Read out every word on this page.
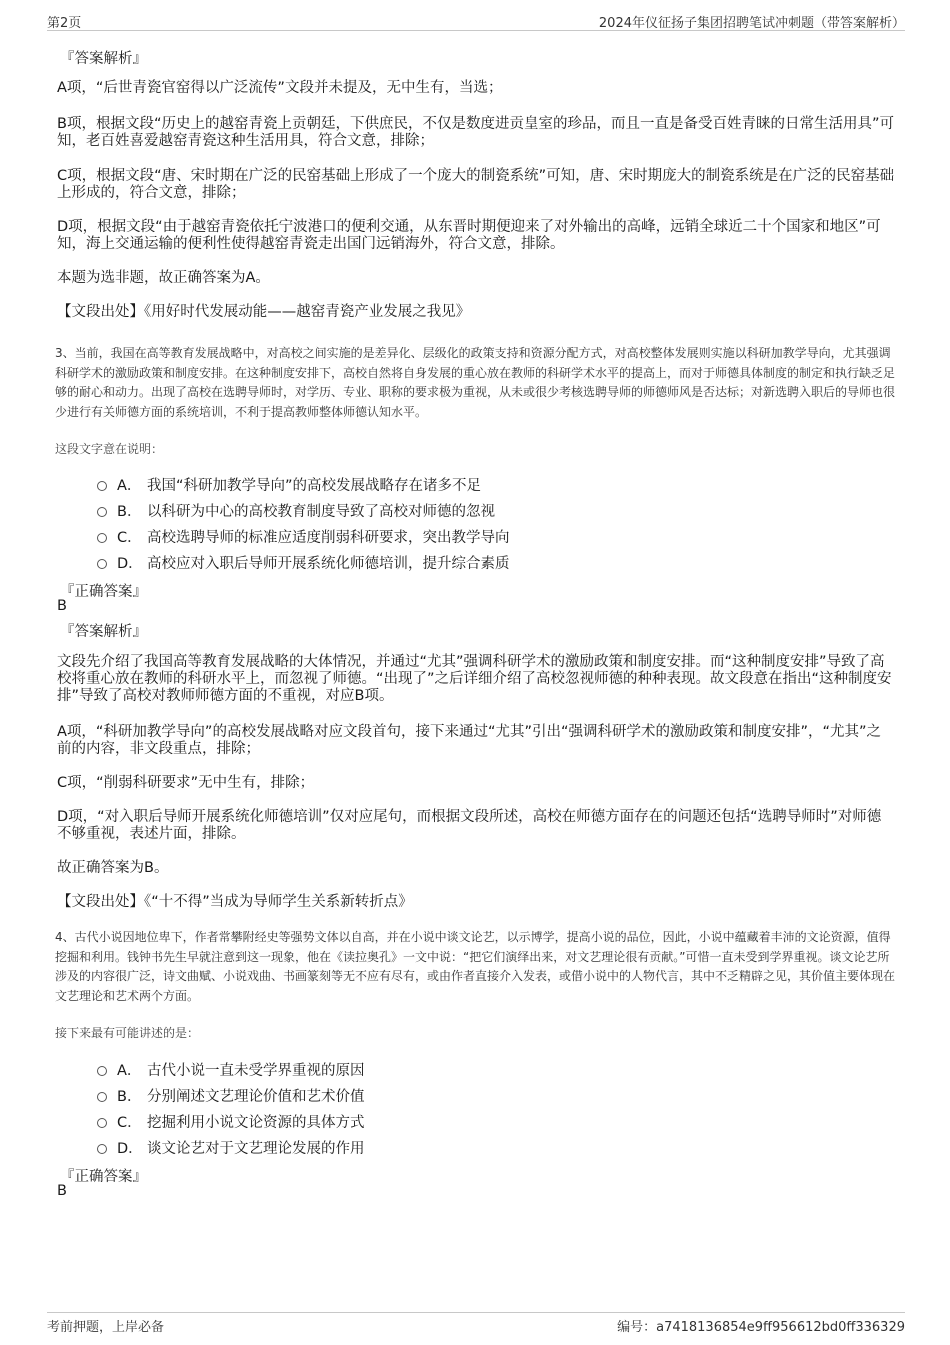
第2页	2024年仪征扬子集团招聘笔试冲刺题（带答案解析）
『答案解析』
A项，“后世青瓷官窑得以广泛流传”文段并未提及，无中生有，当选；
B项，根据文段“历史上的越窑青瓷上贡朝廷，下供庶民，不仅是数度进贡皇室的珍品，而且一直是备受百姓青睐的日常生活用具”可知，老百姓喜爱越窑青瓷这种生活用具，符合文意，排除；
C项，根据文段“唐、宋时期在广泛的民窑基础上形成了一个庞大的制瓷系统”可知，唐、宋时期庞大的制瓷系统是在广泛的民窑基础上形成的，符合文意，排除；
D项，根据文段“由于越窑青瓷依托宁波港口的便利交通，从东晋时期便迎来了对外输出的高峰，远销全球近二十个国家和地区”可知，海上交通运输的便利性使得越窑青瓷走出国门远销海外，符合文意，排除。
本题为选非题，故正确答案为A。
【文段出处】《用好时代发展动能——越窑青瓷产业发展之我见》
3、当前，我国在高等教育发展战略中，对高校之间实施的是差异化、层级化的政策支持和资源分配方式，对高校整体发展则实施以科研加教学导向，尤其强调科研学术的激励政策和制度安排。在这种制度安排下，高校自然将自身发展的重心放在教师的科研学术水平的提高上，而对于师德具体制度的制定和执行缺乏足够的耐心和动力。出现了高校在选聘导师时，对学历、专业、职称的要求极为重视，从未或很少考核选聘导师的师德师风是否达标；对新选聘入职后的导师也很少进行有关师德方面的系统培训，不利于提高教师整体师德认知水平。
这段文字意在说明：
A． 我国“科研加教学导向”的高校发展战略存在诸多不足
B． 以科研为中心的高校教育制度导致了高校对师德的忽视
C． 高校选聘导师的标准应适度削弱科研要求，突出教学导向
D． 高校应对入职后导师开展系统化师德培训，提升综合素质
『正确答案』
B
『答案解析』
文段先介绍了我国高等教育发展战略的大体情况，并通过“尤其”强调科研学术的激励政策和制度安排。而“这种制度安排”导致了高校将重心放在教师的科研水平上，而忽视了师德。“出现了”之后详细介绍了高校忽视师德的种种表现。故文段意在指出“这种制度安排”导致了高校对教师师德方面的不重视，对应B项。
A项，“科研加教学导向”的高校发展战略对应文段首句，接下来通过“尤其”引出“强调科研学术的激励政策和制度安排”，“尤其”之前的内容，非文段重点，排除；
C项，“削弱科研要求”无中生有，排除；
D项，“对入职后导师开展系统化师德培训”仅对应尾句，而根据文段所述，高校在师德方面存在的问题还包括“选聘导师时”对师德不够重视，表述片面，排除。
故正确答案为B。
【文段出处】《“十不得”当成为导师学生关系新转折点》
4、古代小说因地位卑下，作者常攀附经史等强势文体以自高，并在小说中谈文论艺，以示博学，提高小说的品位，因此，小说中蕴藏着丰沛的文论资源，值得挖掘和利用。钱钟书先生早就注意到这一现象，他在《读拉奥孔》一文中说：“把它们演绎出来，对文艺理论很有贡献。”可惜一直未受到学界重视。谈文论艺所涉及的内容很广泛，诗文曲赋、小说戏曲、书画篆刻等无不应有尽有，或由作者直接介入发表，或借小说中的人物代言，其中不乏精辟之见，其价值主要体现在文艺理论和艺术两个方面。
接下来最有可能讲述的是：
A． 古代小说一直未受学界重视的原因
B． 分别阐述文艺理论价值和艺术价值
C． 挖掘利用小说文论资源的具体方式
D． 谈文论艺对于文艺理论发展的作用
『正确答案』
B
考前押题，上岸必备	编号：a7418136854e9ff956612bd0ff336329
